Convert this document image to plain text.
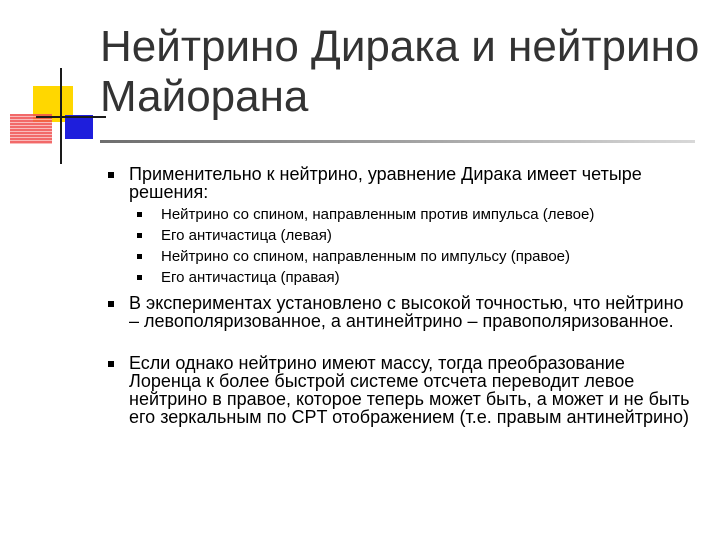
Нейтрино Дирака и нейтрино
Майорана
Применительно к нейтрино, уравнение Дирака имеет четыре решения:
Нейтрино со спином, направленным против импульса (левое)
Его античастица (левая)
Нейтрино со спином, направленным по импульсу (правое)
Его античастица (правая)
В экспериментах установлено с высокой точностью, что нейтрино – левополяризованное, а антинейтрино – правополяризованное.
Если однако нейтрино имеют массу, тогда преобразование Лоренца к более быстрой системе отсчета переводит левое нейтрино в правое, которое теперь может быть, а может и не быть его зеркальным по CPT отображением (т.е. правым антинейтрино)
